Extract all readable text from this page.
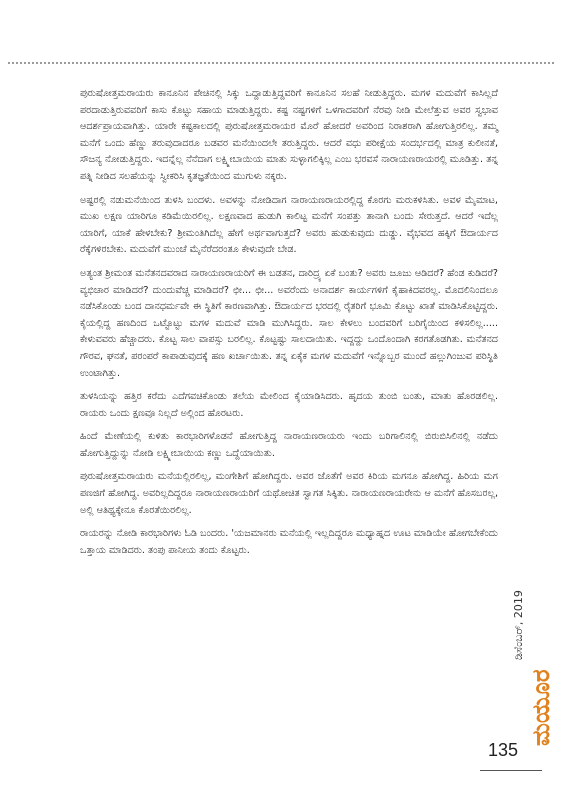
ಪುರುಷೋತ್ತಮರಾಯರು ಕಾನೂನಿನ ಪೇಚಿನಲ್ಲಿ ಸಿಕ್ಕು ಒದ್ದಾಡುತ್ತಿದ್ದವರಿಗೆ ಕಾನೂನಿನ ಸಲಹೆ ನೀಡುತ್ತಿದ್ದರು. ಮಗಳ ಮದುವೆಗೆ ಕಾಸಿಲ್ಲದೆ ಪರದಾಡುತ್ತಿರುವವರಿಗೆ ಕಾಸು ಕೊಟ್ಟು ಸಹಾಯ ಮಾಡುತ್ತಿದ್ದರು. ಕಷ್ಟ ನಷ್ಟಗಳಿಗೆ ಒಳಗಾದವರಿಗೆ ನೆರವು ನೀಡಿ ಮೇಲೆತ್ತುವ ಅವರ ಸ್ವಭಾವ ಆದರ್ಶಪ್ರಾಯವಾಗಿತ್ತು. ಯಾರೇ ಕಷ್ಟಕಾಲದಲ್ಲಿ ಪುರುಷೋತ್ತಮರಾಯರ ಮೊರೆ ಹೋದರೆ ಅವರಿಂದ ನಿರಾಶರಾಗಿ ಹೋಗುತ್ತಿರಲಿಲ್ಲ. ತಮ್ಮ ಮನೆಗೆ ಒಂದು ಹೆಣ್ಣು ತರುವುದಾದರೂ ಬಡವರ ಮನೆಯಿಂದಲೇ ತರುತ್ತಿದ್ದರು. ಆದರೆ ವಧು ಪರೀಕ್ಷೆಯ ಸಂದರ್ಭದಲ್ಲಿ ಮಾತ್ರ ಕುಲೀನತೆ, ಸೌಜನ್ಯ ನೋಡುತ್ತಿದ್ದರು. ಇದನ್ನೆಲ್ಲ ನೆನೆದಾಗ ಲಕ್ಷ್ಮೀಬಾಯಿಯ ಮಾತು ಸುಳ್ಳಾಗಲಿಕ್ಕಿಲ್ಲ ಎಂಬ ಭರವಸೆ ನಾರಾಯಣರಾಯರಲ್ಲಿ ಮೂಡಿತ್ತು. ತನ್ನ ಪತ್ನಿ ನೀಡಿದ ಸಲಹೆಯನ್ನು ಸ್ವೀಕರಿಸಿ ಕೃತಜ್ಞತೆಯಿಂದ ಮುಗುಳು ನಕ್ಕರು.

ಅಷ್ಟರಲ್ಲಿ ನಡುಮನೆಯಿಂದ ತುಳಸಿ ಬಂದಳು. ಅವಳನ್ನು ನೋಡಿದಾಗ ನಾರಾಯಣರಾಯರಲ್ಲಿದ್ದ ಕೊರಗು ಮರುಕಳಿಸಿತು. ಅವಳ ಮೈಮಾಟ, ಮುಖ ಲಕ್ಷಣ ಯಾರಿಗೂ ಕಡಿಮೆಯಿರಲಿಲ್ಲ. ಲಕ್ಷಣವಾದ ಹುಡುಗಿ ಕಾಲಿಟ್ಟ ಮನೆಗೆ ಸಂಪತ್ತು ತಾನಾಗಿ ಬಂದು ಸೇರುತ್ತದೆ. ಆದರೆ ಇದೆಲ್ಲ ಯಾರಿಗೆ, ಯಾಕೆ ಹೇಳಬೇಕು? ಶ್ರೀಮಂತಿಗಿದೆಲ್ಲ ಹೇಗೆ ಅರ್ಥವಾಗುತ್ತದೆ? ಅವರು ಹುಡುಕುವುದು ದುಡ್ಡು. ವೈಭವದ ಹಕ್ಕಿಗೆ ಔದಾರ್ಯದ ರೆಕ್ಕೆಗಳಿರಬೇಕು. ಮದುವೆಗೆ ಮುಂಚೆ ಮೈನೆರೆದರಂತೂ ಕೇಳುವುದೇ ಬೇಡ.

ಅತ್ಯಂತ ಶ್ರೀಮಂತ ಮನೆತನದವರಾದ ನಾರಾಯಣರಾಯರಿಗೆ ಈ ಬಡತನ, ದಾರಿದ್ರ್ಯ ಏಕೆ ಬಂತು? ಅವರು ಜೂಜು ಆಡಿದರೆ? ಹೆಂಡ ಕುಡಿದರೆ? ವ್ಯಭಿಚಾರ ಮಾಡಿದರೆ? ದುಂದುವೆಚ್ಚ ಮಾಡಿದರೆ? ಛೀ... ಛೀ... ಅವರೆಂದು ಅನಾದರ್ಶ ಕಾರ್ಯಗಳಿಗೆ ಕೈಹಾಕಿದವರಲ್ಲ. ಮೊದಲಿನಿಂದಲೂ ನಡೆಸಿಕೊಂಡು ಬಂದ ದಾನಧರ್ಮವೇ ಈ ಸ್ಥಿತಿಗೆ ಕಾರಣವಾಗಿತ್ತು. ಔದಾರ್ಯದ ಭರದಲ್ಲಿ ರೈತರಿಗೆ ಭೂಮಿ ಕೊಟ್ಟು ಖಾತೆ ಮಾಡಿಸಿಕೊಟ್ಟಿದ್ದರು. ಕೈಯಲ್ಲಿದ್ದ ಹಣದಿಂದ ಒಟ್ಟೊಟ್ಟು ಮಗಳ ಮದುವೆ ಮಾಡಿ ಮುಗಿಸಿದ್ದರು. ಸಾಲ ಕೇಳಲು ಬಂದವರಿಗೆ ಬರಿಗೈಯಿಂದ ಕಳಿಸಲಿಲ್ಲ..... ಕೇಳುವವರು ಹೆಚ್ಚಾದರು. ಕೊಟ್ಟ ಸಾಲ ವಾಪಸ್ಸು ಬರಲಿಲ್ಲ. ಕೊಟ್ಟಷ್ಟು ಸಾಲದಾಯಿತು. ಇದ್ದದ್ದು ಒಂದೊಂದಾಗಿ ಕರಗತೊಡಗಿತು. ಮನೆತನದ ಗೌರವ, ಘನತೆ, ಪರಂಪರೆ ಕಾಪಾಡುವುದಕ್ಕೆ ಹಣ ಖರ್ಚಾಯಿತು. ತನ್ನ ಏಕೈಕ ಮಗಳ ಮದುವೆಗೆ ಇನ್ನೊಬ್ಬರ ಮುಂದೆ ಹಲ್ಲುಗಿಂಜುವ ಪರಿಸ್ಥಿತಿ ಉಂಟಾಗಿತ್ತು.

ತುಳಸಿಯನ್ನು ಹತ್ತಿರ ಕರೆದು ಎದೆಗವಚಿಕೊಂಡು ತಲೆಯ ಮೇಲಿಂದ ಕೈಯಾಡಿಸಿದರು. ಹೃದಯ ತುಂಬಿ ಬಂತು, ಮಾತು ಹೊರಡಲಿಲ್ಲ. ರಾಯರು ಒಂದು ಕ್ಷಣವೂ ನಿಲ್ಲದೆ ಅಲ್ಲಿಂದ ಹೊರಟರು.

ಹಿಂದೆ ಮೇಣೆಯಲ್ಲಿ ಕುಳಿತು ಕಾರಭಾರಿಗಳೊಡನೆ ಹೋಗುತ್ತಿದ್ದ ನಾರಾಯಣರಾಯರು ಇಂದು ಬರಿಗಾಲಿನಲ್ಲಿ ಬಿರುಬಿಸಿಲಿನಲ್ಲಿ ನಡೆದು ಹೋಗುತ್ತಿದ್ದುನ್ನು ನೋಡಿ ಲಕ್ಷ್ಮೀಬಾಯಿಯ ಕಣ್ಣು ಒದ್ದೆಯಾಯಿತು.

ಪುರುಷೋತ್ತಮರಾಯರು ಮನೆಯಲ್ಲಿರಲಿಲ್ಲ, ಮಂಗೇಶಿಗೆ ಹೋಗಿದ್ದರು. ಅವರ ಜೊತೆಗೆ ಅವರ ಕಿರಿಯ ಮಗನೂ ಹೋಗಿದ್ದ. ಹಿರಿಯ ಮಗ ಪಣಜಿಗೆ ಹೋಗಿದ್ದ. ಅವರಿಲ್ಲದಿದ್ದರೂ ನಾರಾಯಣರಾಯರಿಗೆ ಯಥೋಚಿತ ಸ್ವಾಗತ ಸಿಕ್ಕಿತು. ನಾರಾಯಣರಾಯರೇನು ಆ ಮನೆಗೆ ಹೊಸಬರಲ್ಲ, ಅಲ್ಲಿ ಆತಿಥ್ಯಕ್ಕೇನೂ ಕೊರತೆಯಿರಲಿಲ್ಲ.

ರಾಯರನ್ನು ನೋಡಿ ಕಾರಭಾರಿಗಳು ಓಡಿ ಬಂದರು. 'ಯಜಮಾನರು ಮನೆಯಲ್ಲಿ ಇಲ್ಲದಿದ್ದರೂ ಮಧ್ಯಾಹ್ನದ ಊಟ ಮಾಡಿಯೇ ಹೋಗಬೇಕೆಂದು ಒತ್ತಾಯ ಮಾಡಿದರು. ತಂಪು ಪಾನೀಯ ತಂದು ಕೊಟ್ಟರು.

ಡಿಸೆಂಬರ್, 2019
ಮಯೂರ
135
